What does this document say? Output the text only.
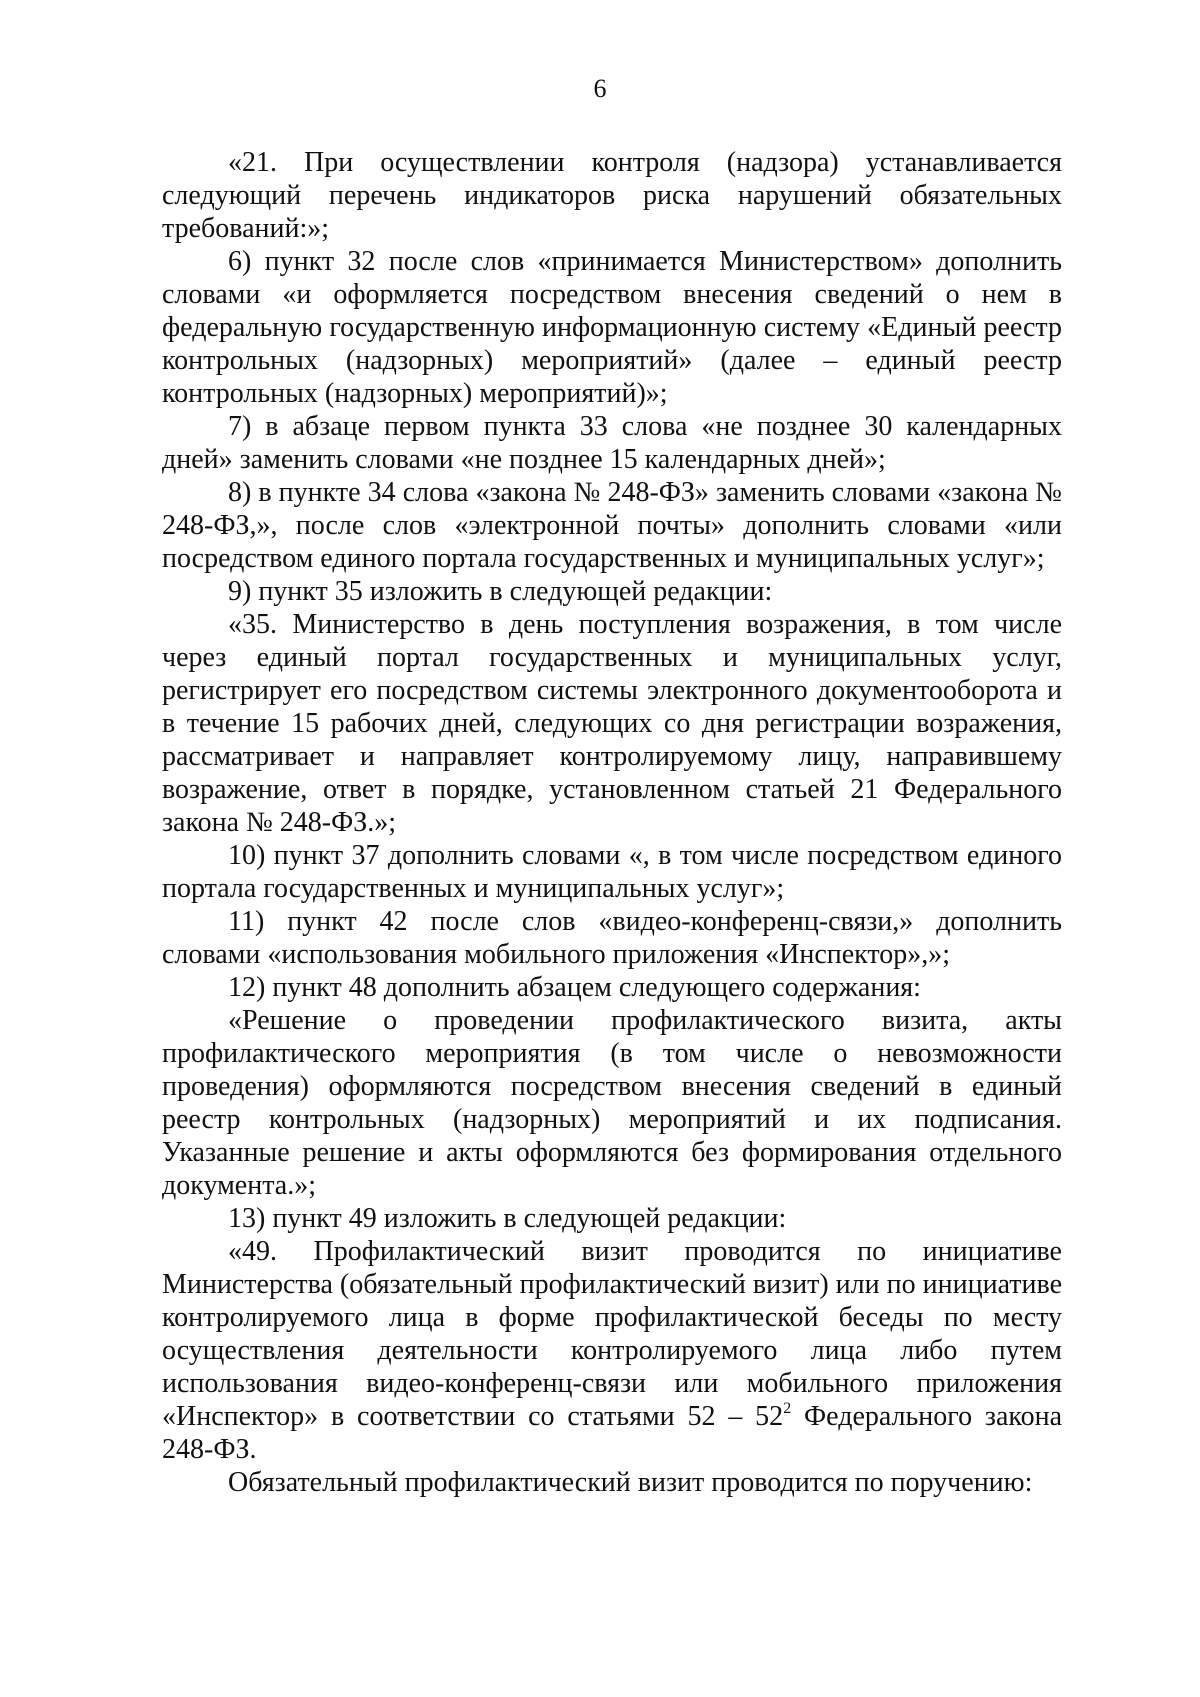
6

«21. При осуществлении контроля (надзора) устанавливается следующий перечень индикаторов риска нарушений обязательных требований:»;

6) пункт 32 после слов «принимается Министерством» дополнить словами «и оформляется посредством внесения сведений о нем в федеральную государственную информационную систему «Единый реестр контрольных (надзорных) мероприятий» (далее – единый реестр контрольных (надзорных) мероприятий)»;

7) в абзаце первом пункта 33 слова «не позднее 30 календарных дней» заменить словами «не позднее 15 календарных дней»;

8) в пункте 34 слова «закона № 248-ФЗ» заменить словами «закона № 248-ФЗ,», после слов «электронной почты» дополнить словами «или посредством единого портала государственных и муниципальных услуг»;

9) пункт 35 изложить в следующей редакции:

«35. Министерство в день поступления возражения, в том числе через единый портал государственных и муниципальных услуг, регистрирует его посредством системы электронного документооборота и в течение 15 рабочих дней, следующих со дня регистрации возражения, рассматривает и направляет контролируемому лицу, направившему возражение, ответ в порядке, установленном статьей 21 Федерального закона № 248-ФЗ.»;

10) пункт 37 дополнить словами «, в том числе посредством единого портала государственных и муниципальных услуг»;

11) пункт 42 после слов «видео-конференц-связи,» дополнить словами «использования мобильного приложения «Инспектор»,»;

12) пункт 48 дополнить абзацем следующего содержания:

«Решение о проведении профилактического визита, акты профилактического мероприятия (в том числе о невозможности проведения) оформляются посредством внесения сведений в единый реестр контрольных (надзорных) мероприятий и их подписания. Указанные решение и акты оформляются без формирования отдельного документа.»;

13) пункт 49 изложить в следующей редакции:

«49. Профилактический визит проводится по инициативе Министерства (обязательный профилактический визит) или по инициативе контролируемого лица в форме профилактической беседы по месту осуществления деятельности контролируемого лица либо путем использования видео-конференц-связи или мобильного приложения «Инспектор» в соответствии со статьями $52 - 52^2$ Федерального закона 248-ФЗ.

Обязательный профилактический визит проводится по поручению:
